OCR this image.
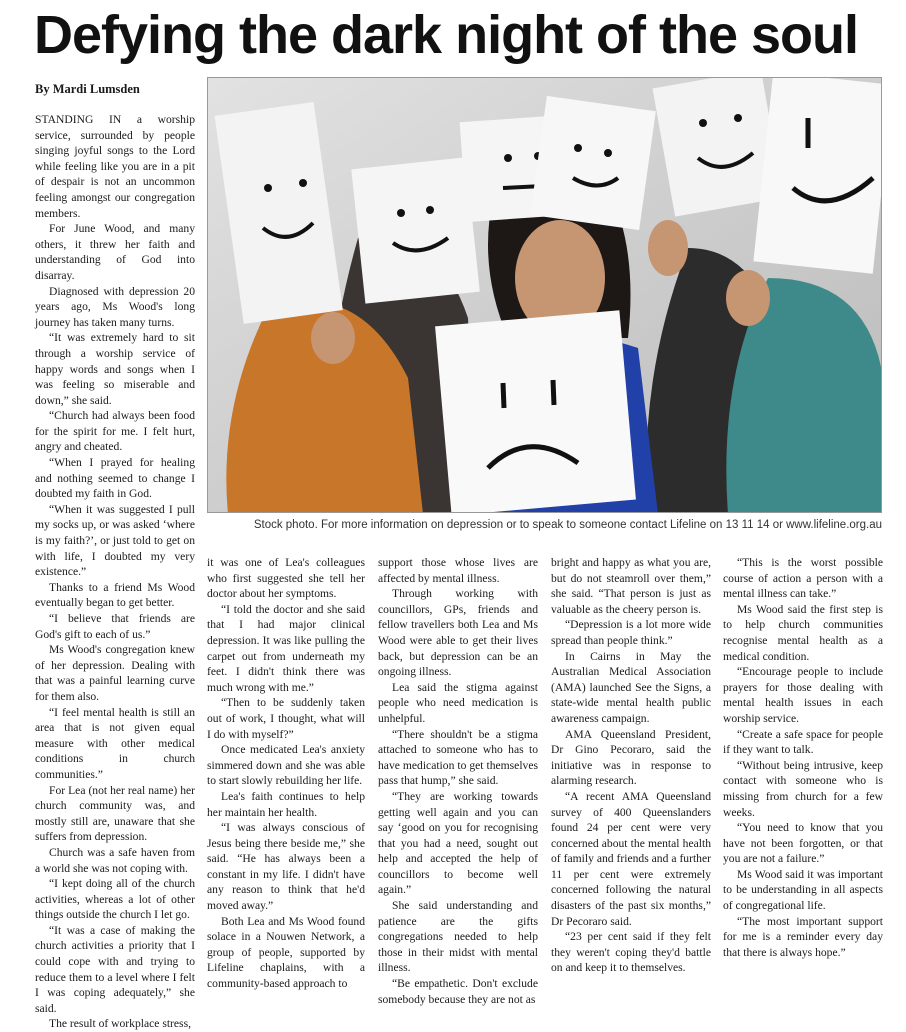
Defying the dark night of the soul
By Mardi Lumsden

STANDING IN a worship service, surrounded by people singing joyful songs to the Lord while feeling like you are in a pit of despair is not an uncommon feeling amongst our congregation members.

For June Wood, and many others, it threw her faith and understanding of God into disarray.

Diagnosed with depression 20 years ago, Ms Wood's long journey has taken many turns.

“It was extremely hard to sit through a worship service of happy words and songs when I was feeling so miserable and down,” she said.

“Church had always been food for the spirit for me. I felt hurt, angry and cheated.

“When I prayed for healing and nothing seemed to change I doubted my faith in God.

“When it was suggested I pull my socks up, or was asked ‘where is my faith?’, or just told to get on with life, I doubted my very existence.”

Thanks to a friend Ms Wood eventually began to get better.

“I believe that friends are God's gift to each of us.”

Ms Wood's congregation knew of her depression. Dealing with that was a painful learning curve for them also.

“I feel mental health is still an area that is not given equal measure with other medical conditions in church communities.”

For Lea (not her real name) her church community was, and mostly still are, unaware that she suffers from depression.

Church was a safe haven from a world she was not coping with.

“I kept doing all of the church activities, whereas a lot of other things outside the church I let go.

“It was a case of making the church activities a priority that I could cope with and trying to reduce them to a level where I felt I was coping adequately,” she said.

The result of workplace stress,

Stock photo. For more information on depression or to speak to someone contact Lifeline on 13 11 14 or www.lifeline.org.au

it was one of Lea's colleagues who first suggested she tell her doctor about her symptoms.

“I told the doctor and she said that I had major clinical depression. It was like pulling the carpet out from underneath my feet. I didn't think there was much wrong with me.”

“Then to be suddenly taken out of work, I thought, what will I do with myself?”

Once medicated Lea's anxiety simmered down and she was able to start slowly rebuilding her life.

Lea's faith continues to help her maintain her health.

“I was always conscious of Jesus being there beside me,” she said. “He has always been a constant in my life. I didn't have any reason to think that he'd moved away.”

Both Lea and Ms Wood found solace in a Nouwen Network, a group of people, supported by Lifeline chaplains, with a community-based approach to

support those whose lives are affected by mental illness.

Through working with councillors, GPs, friends and fellow travellers both Lea and Ms Wood were able to get their lives back, but depression can be an ongoing illness.

Lea said the stigma against people who need medication is unhelpful.

“There shouldn't be a stigma attached to someone who has to have medication to get themselves pass that hump,” she said.

“They are working towards getting well again and you can say ‘good on you for recognising that you had a need, sought out help and accepted the help of councillors to become well again.”

She said understanding and patience are the gifts congregations needed to help those in their midst with mental illness.

“Be empathetic. Don't exclude somebody because they are not as

bright and happy as what you are, but do not steamroll over them,” she said. “That person is just as valuable as the cheery person is.

“Depression is a lot more wide spread than people think.”

In Cairns in May the Australian Medical Association (AMA) launched See the Signs, a state-wide mental health public awareness campaign.

AMA Queensland President, Dr Gino Pecoraro, said the initiative was in response to alarming research.

“A recent AMA Queensland survey of 400 Queenslanders found 24 per cent were very concerned about the mental health of family and friends and a further 11 per cent were extremely concerned following the natural disasters of the past six months,” Dr Pecoraro said.

“23 per cent said if they felt they weren't coping they'd battle on and keep it to themselves.

“This is the worst possible course of action a person with a mental illness can take.”

Ms Wood said the first step is to help church communities recognise mental health as a medical condition.

“Encourage people to include prayers for those dealing with mental health issues in each worship service.

“Create a safe space for people if they want to talk.

“Without being intrusive, keep contact with someone who is missing from church for a few weeks.

“You need to know that you have not been forgotten, or that you are not a failure.”

Ms Wood said it was important to be understanding in all aspects of congregational life.

“The most important support for me is a reminder every day that there is always hope.”
